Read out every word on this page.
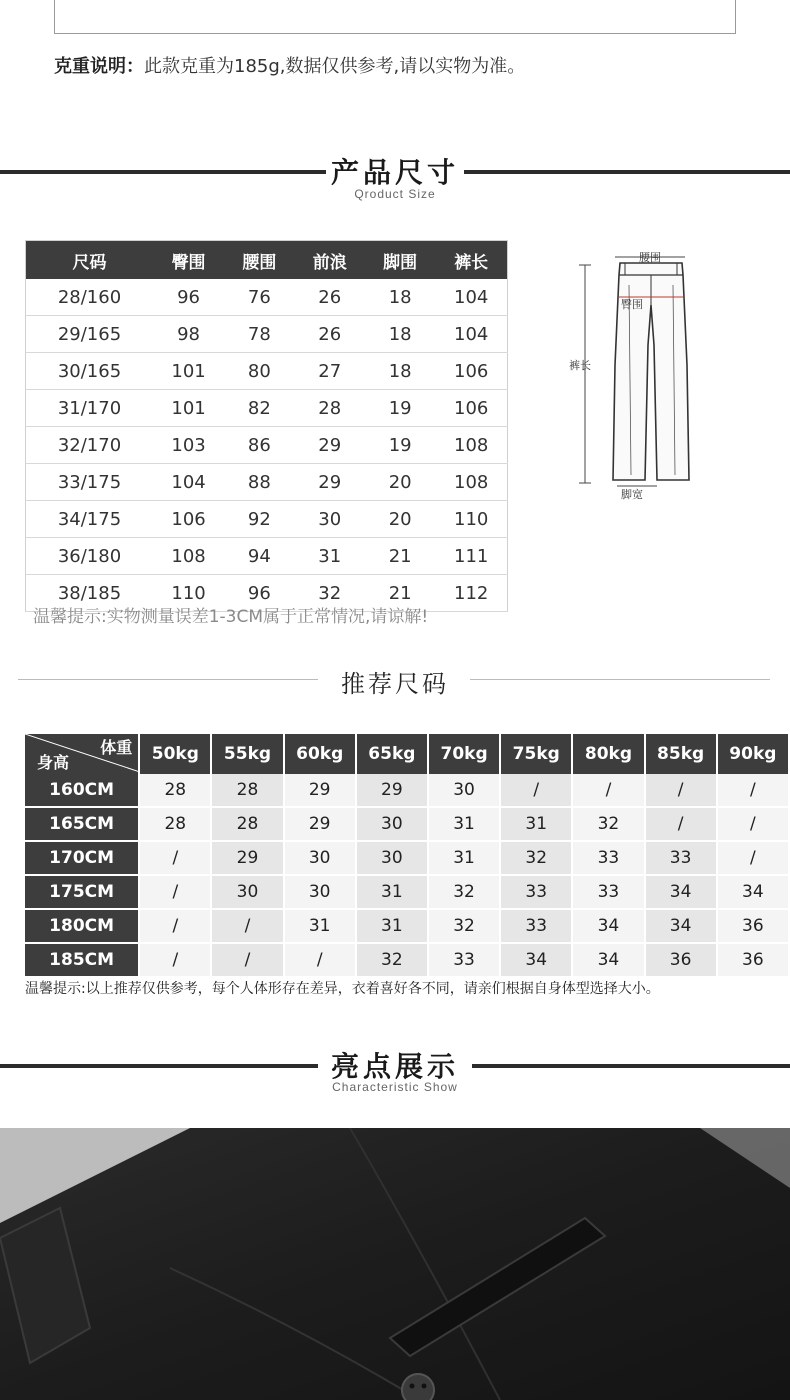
克重说明：此款克重为185g,数据仅供参考,请以实物为准。
产品尺寸
Qroduct Size
尺码	臀围	腰围	前浪	脚围	裤长
28/160	96	76	26	18	104
29/165	98	78	26	18	104
30/165	101	80	27	18	106
31/170	101	82	28	19	106
32/170	103	86	29	19	108
33/175	104	88	29	20	108
34/175	106	92	30	20	110
36/180	108	94	31	21	111
38/185	110	96	32	21	112
腰围
臀围
裤长
脚宽
温馨提示:实物测量误差1-3CM属于正常情况,请谅解!
推荐尺码
体重
身高	50kg	55kg	60kg	65kg	70kg	75kg	80kg	85kg	90kg
160CM	28	28	29	29	30	/	/	/	/
165CM	28	28	29	30	31	31	32	/	/
170CM	/	29	30	30	31	32	33	33	/
175CM	/	30	30	31	32	33	33	34	34
180CM	/	/	31	31	32	33	34	34	36
185CM	/	/	/	32	33	34	34	36	36
温馨提示:以上推荐仅供参考，每个人体形存在差异，衣着喜好各不同，请亲们根据自身体型选择大小。
亮点展示
Characteristic Show
